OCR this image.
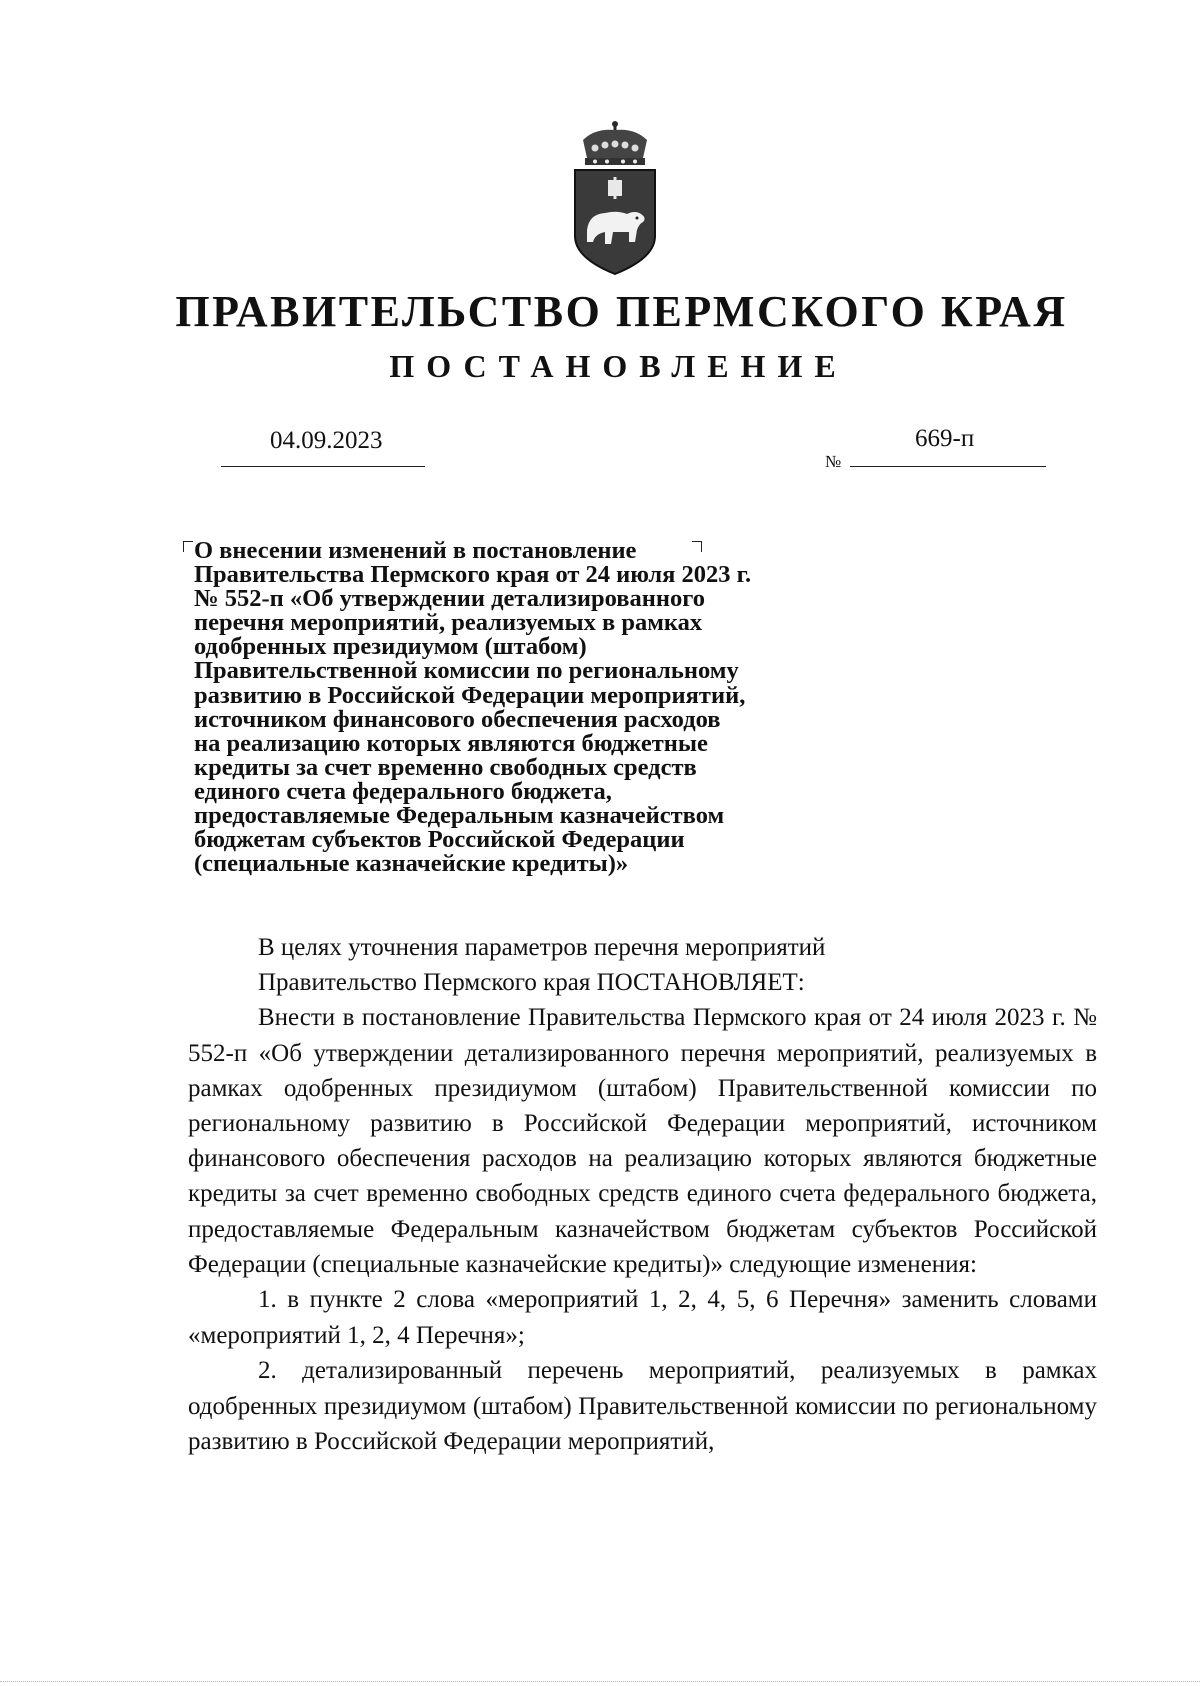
ПРАВИТЕЛЬСТВО ПЕРМСКОГО КРАЯ
ПОСТАНОВЛЕНИЕ
04.09.2023	669-п
№
О внесении изменений в постановление
Правительства Пермского края от 24 июля 2023 г.
№ 552-п «Об утверждении детализированного
перечня мероприятий, реализуемых в рамках
одобренных президиумом (штабом)
Правительственной комиссии по региональному
развитию в Российской Федерации мероприятий,
источником финансового обеспечения расходов
на реализацию которых являются бюджетные
кредиты за счет временно свободных средств
единого счета федерального бюджета,
предоставляемые Федеральным казначейством
бюджетам субъектов Российской Федерации
(специальные казначейские кредиты)»

В целях уточнения параметров перечня мероприятий

Правительство Пермского края ПОСТАНОВЛЯЕТ:

Внести в постановление Правительства Пермского края от 24 июля 2023 г. № 552-п «Об утверждении детализированного перечня мероприятий, реализуемых в рамках одобренных президиумом (штабом) Правительственной комиссии по региональному развитию в Российской Федерации мероприятий, источником финансового обеспечения расходов на реализацию которых являются бюджетные кредиты за счет временно свободных средств единого счета федерального бюджета, предоставляемые Федеральным казначейством бюджетам субъектов Российской Федерации (специальные казначейские кредиты)» следующие изменения:

1. в пункте 2 слова «мероприятий 1, 2, 4, 5, 6 Перечня» заменить словами «мероприятий 1, 2, 4 Перечня»;

2. детализированный перечень мероприятий, реализуемых в рамках одобренных президиумом (штабом) Правительственной комиссии по региональному развитию в Российской Федерации мероприятий,
